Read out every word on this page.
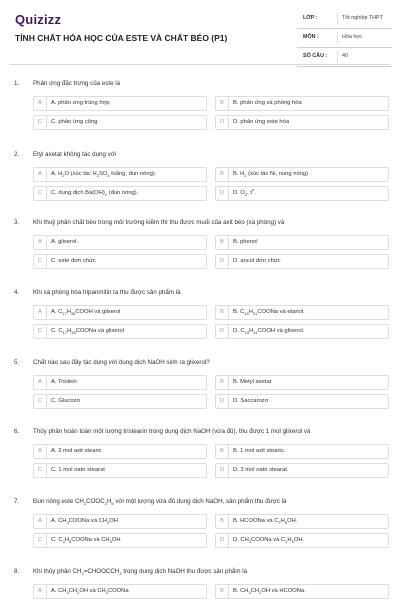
Quizizz
TÍNH CHẤT HÓA HỌC CỦA ESTE VÀ CHẤT BÉO (P1)
LỚP :	Tốt nghiệp THPT
MÔN :	Hóa học
SỐ CÂU :	40
1. Phản ứng đặc trưng của este là
A	A. phản ứng trùng hợp	B	B. phản ứng xà phòng hóa
C	C. phản ứng cộng	D	D. phản ứng este hóa
2. Etyl axetat không tác dụng với
A	A. $H_2O$ (xúc tác $H_2SO_4$ loãng, đun nóng).	B	B. $H_2$ (xúc tác Ni, nung nóng).
C	C. dung dịch $Ba(OH)_2$ (đun nóng).	D	D. $O_2$, $t^o$.
3. Khi thuỷ phân chất béo trong môi trường kiềm thì thu được muối của axit béo (xà phòng) và
A	A. glixerol.	B	B. phenol
C	C. este đơn chức	D	D. ancol đơn chức
4. Khi xà phòng hóa tripanmitin ta thu được sản phẩm là
A	A. $C_{17}H_{35}COOH$ và glixerol	B	B. $C_{15}H_{31}COONa$ và etanol.
C	C. $C_{17}H_{35}COONa$ và glixerol	D	D. $C_{15}H_{31}COOH$ và glixerol.
5. Chất nào sau đây tác dụng với dung dịch NaOH sinh ra glixerol?
A	A. Triolein	B	B. Metyl axetat
C	C. Glucozơ	D	D. Saccarozơ
6. Thủy phân hoàn toàn một lượng tristearin trong dung dịch NaOH (vừa đủ), thu được 1 mol glixerol và
A	A. 3 mol axit stearic	B	B. 1 mol axit stearic.
C	C. 1 mol natri stearat	D	D. 3 mol natri stearat.
7. Đun nóng este $CH_3COOC_2H_5$ với một lượng vừa đủ dung dịch NaOH, sản phẩm thu được là
A	A. $CH_3COONa$ và $CH_3OH$	B	B. HCOONa và $C_2H_5OH$.
C	C. $C_2H_5COONa$ và $CH_3OH$	D	D. $CH_3COONa$ và $C_2H_5OH$.
8. Khi thủy phân $CH_2=CHOOCCH_3$ trong dung dịch NaOH thu được sản phẩm là
A	A. $CH_3CH_2OH$ và $CH_3COONa$	B	B. $CH_3CH_2OH$ và HCOONa.
